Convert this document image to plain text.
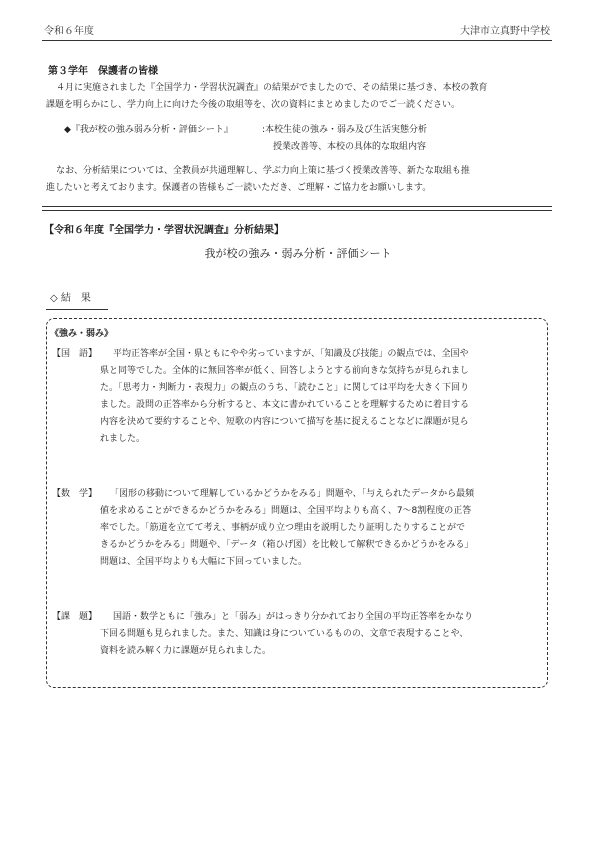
令和６年度	大津市立真野中学校
第３学年　保護者の皆様
４月に実施されました『全国学力・学習状況調査』の結果がでましたので、その結果に基づき、本校の教育
課題を明らかにし、学力向上に向けた今後の取組等を、次の資料にまとめましたのでご一読ください。
◆『我が校の強み弱み分析・評価シート』	:本校生徒の強み・弱み及び生活実態分析
授業改善等、本校の具体的な取組内容
なお、分析結果については、全教員が共通理解し、学ぶ力向上策に基づく授業改善等、新たな取組も推
進したいと考えております。保護者の皆様もご一読いただき、ご理解・ご協力をお願いします。
【令和６年度『全国学力・学習状況調査』分析結果】
我が校の強み・弱み分析・評価シート
◇ 結　果
《強み・弱み》
【国　語】	平均正答率が全国・県ともにやや劣っていますが、「知識及び技能」の観点では、全国や
県と同等でした。全体的に無回答率が低く、回答しようとする前向きな気持ちが見られまし
た。「思考力・判断力・表現力」の観点のうち、「読むこと」に関しては平均を大きく下回り
ました。設問の正答率から分析すると、本文に書かれていることを理解するために着目する
内容を決めて要約することや、短歌の内容について描写を基に捉えることなどに課題が見ら
れました。
【数　学】	「図形の移動について理解しているかどうかをみる」問題や、「与えられたデータから最頻
値を求めることができるかどうかをみる」問題は、全国平均よりも高く、7～8割程度の正答
率でした。「筋道を立てて考え、事柄が成り立つ理由を説明したり証明したりすることがで
きるかどうかをみる」問題や、「データ（箱ひげ図）を比較して解釈できるかどうかをみる」
問題は、全国平均よりも大幅に下回っていました。
【課　題】	国語・数学ともに「強み」と「弱み」がはっきり分かれており全国の平均正答率をかなり
下回る問題も見られました。また、知識は身についているものの、文章で表現することや、
資料を読み解く力に課題が見られました。
